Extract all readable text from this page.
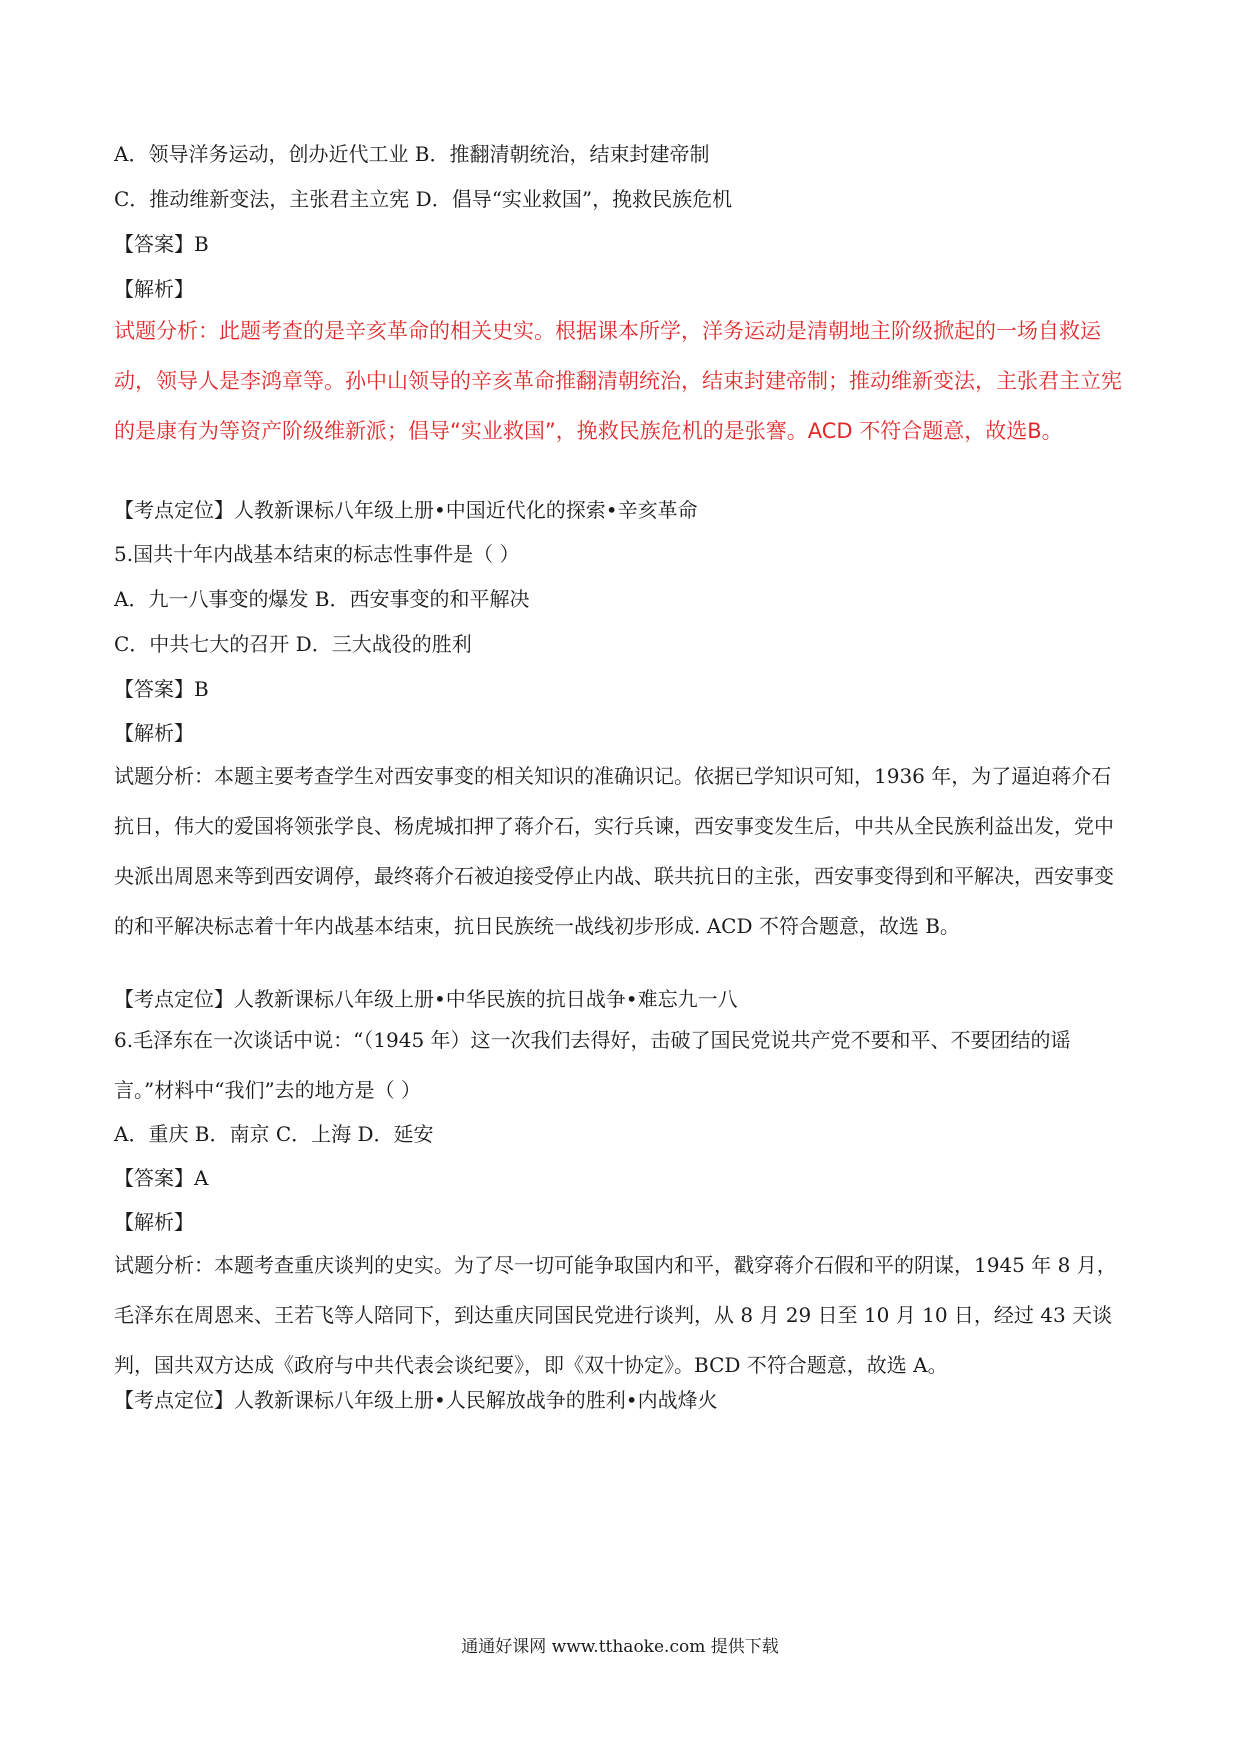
A．领导洋务运动，创办近代工业 B．推翻清朝统治，结束封建帝制
C．推动维新变法，主张君主立宪 D．倡导“实业救国”，挽救民族危机
【答案】B
【解析】
试题分析：此题考查的是辛亥革命的相关史实。根据课本所学，洋务运动是清朝地主阶级掀起的一场自救运动，领导人是李鸿章等。孙中山领导的辛亥革命推翻清朝统治，结束封建帝制；推动维新变法，主张君主立宪的是康有为等资产阶级维新派；倡导“实业救国”，挽救民族危机的是张謇。ACD 不符合题意，故选B。
【考点定位】人教新课标八年级上册•中国近代化的探索•辛亥革命
5.国共十年内战基本结束的标志性事件是（ ）
A．九一八事变的爆发 B．西安事变的和平解决
C．中共七大的召开 D．三大战役的胜利
【答案】B
【解析】
试题分析：本题主要考查学生对西安事变的相关知识的准确识记。依据已学知识可知，1936 年，为了逼迫蒋介石抗日，伟大的爱国将领张学良、杨虎城扣押了蒋介石，实行兵谏，西安事变发生后，中共从全民族利益出发，党中央派出周恩来等到西安调停，最终蒋介石被迫接受停止内战、联共抗日的主张，西安事变得到和平解决，西安事变的和平解决标志着十年内战基本结束，抗日民族统一战线初步形成. ACD 不符合题意，故选 B。
【考点定位】人教新课标八年级上册•中华民族的抗日战争•难忘九一八
6.毛泽东在一次谈话中说：“（1945 年）这一次我们去得好，击破了国民党说共产党不要和平、不要团结的谣言。”材料中“我们”去的地方是（ ）
A．重庆 B．南京 C．上海 D．延安
【答案】A
【解析】
试题分析：本题考查重庆谈判的史实。为了尽一切可能争取国内和平，戳穿蒋介石假和平的阴谋，1945 年 8 月，毛泽东在周恩来、王若飞等人陪同下，到达重庆同国民党进行谈判，从 8 月 29 日至 10 月 10 日，经过 43 天谈判，国共双方达成《政府与中共代表会谈纪要》，即《双十协定》。BCD 不符合题意，故选 A。
【考点定位】人教新课标八年级上册•人民解放战争的胜利•内战烽火
通通好课网 www.tthaoke.com 提供下载
